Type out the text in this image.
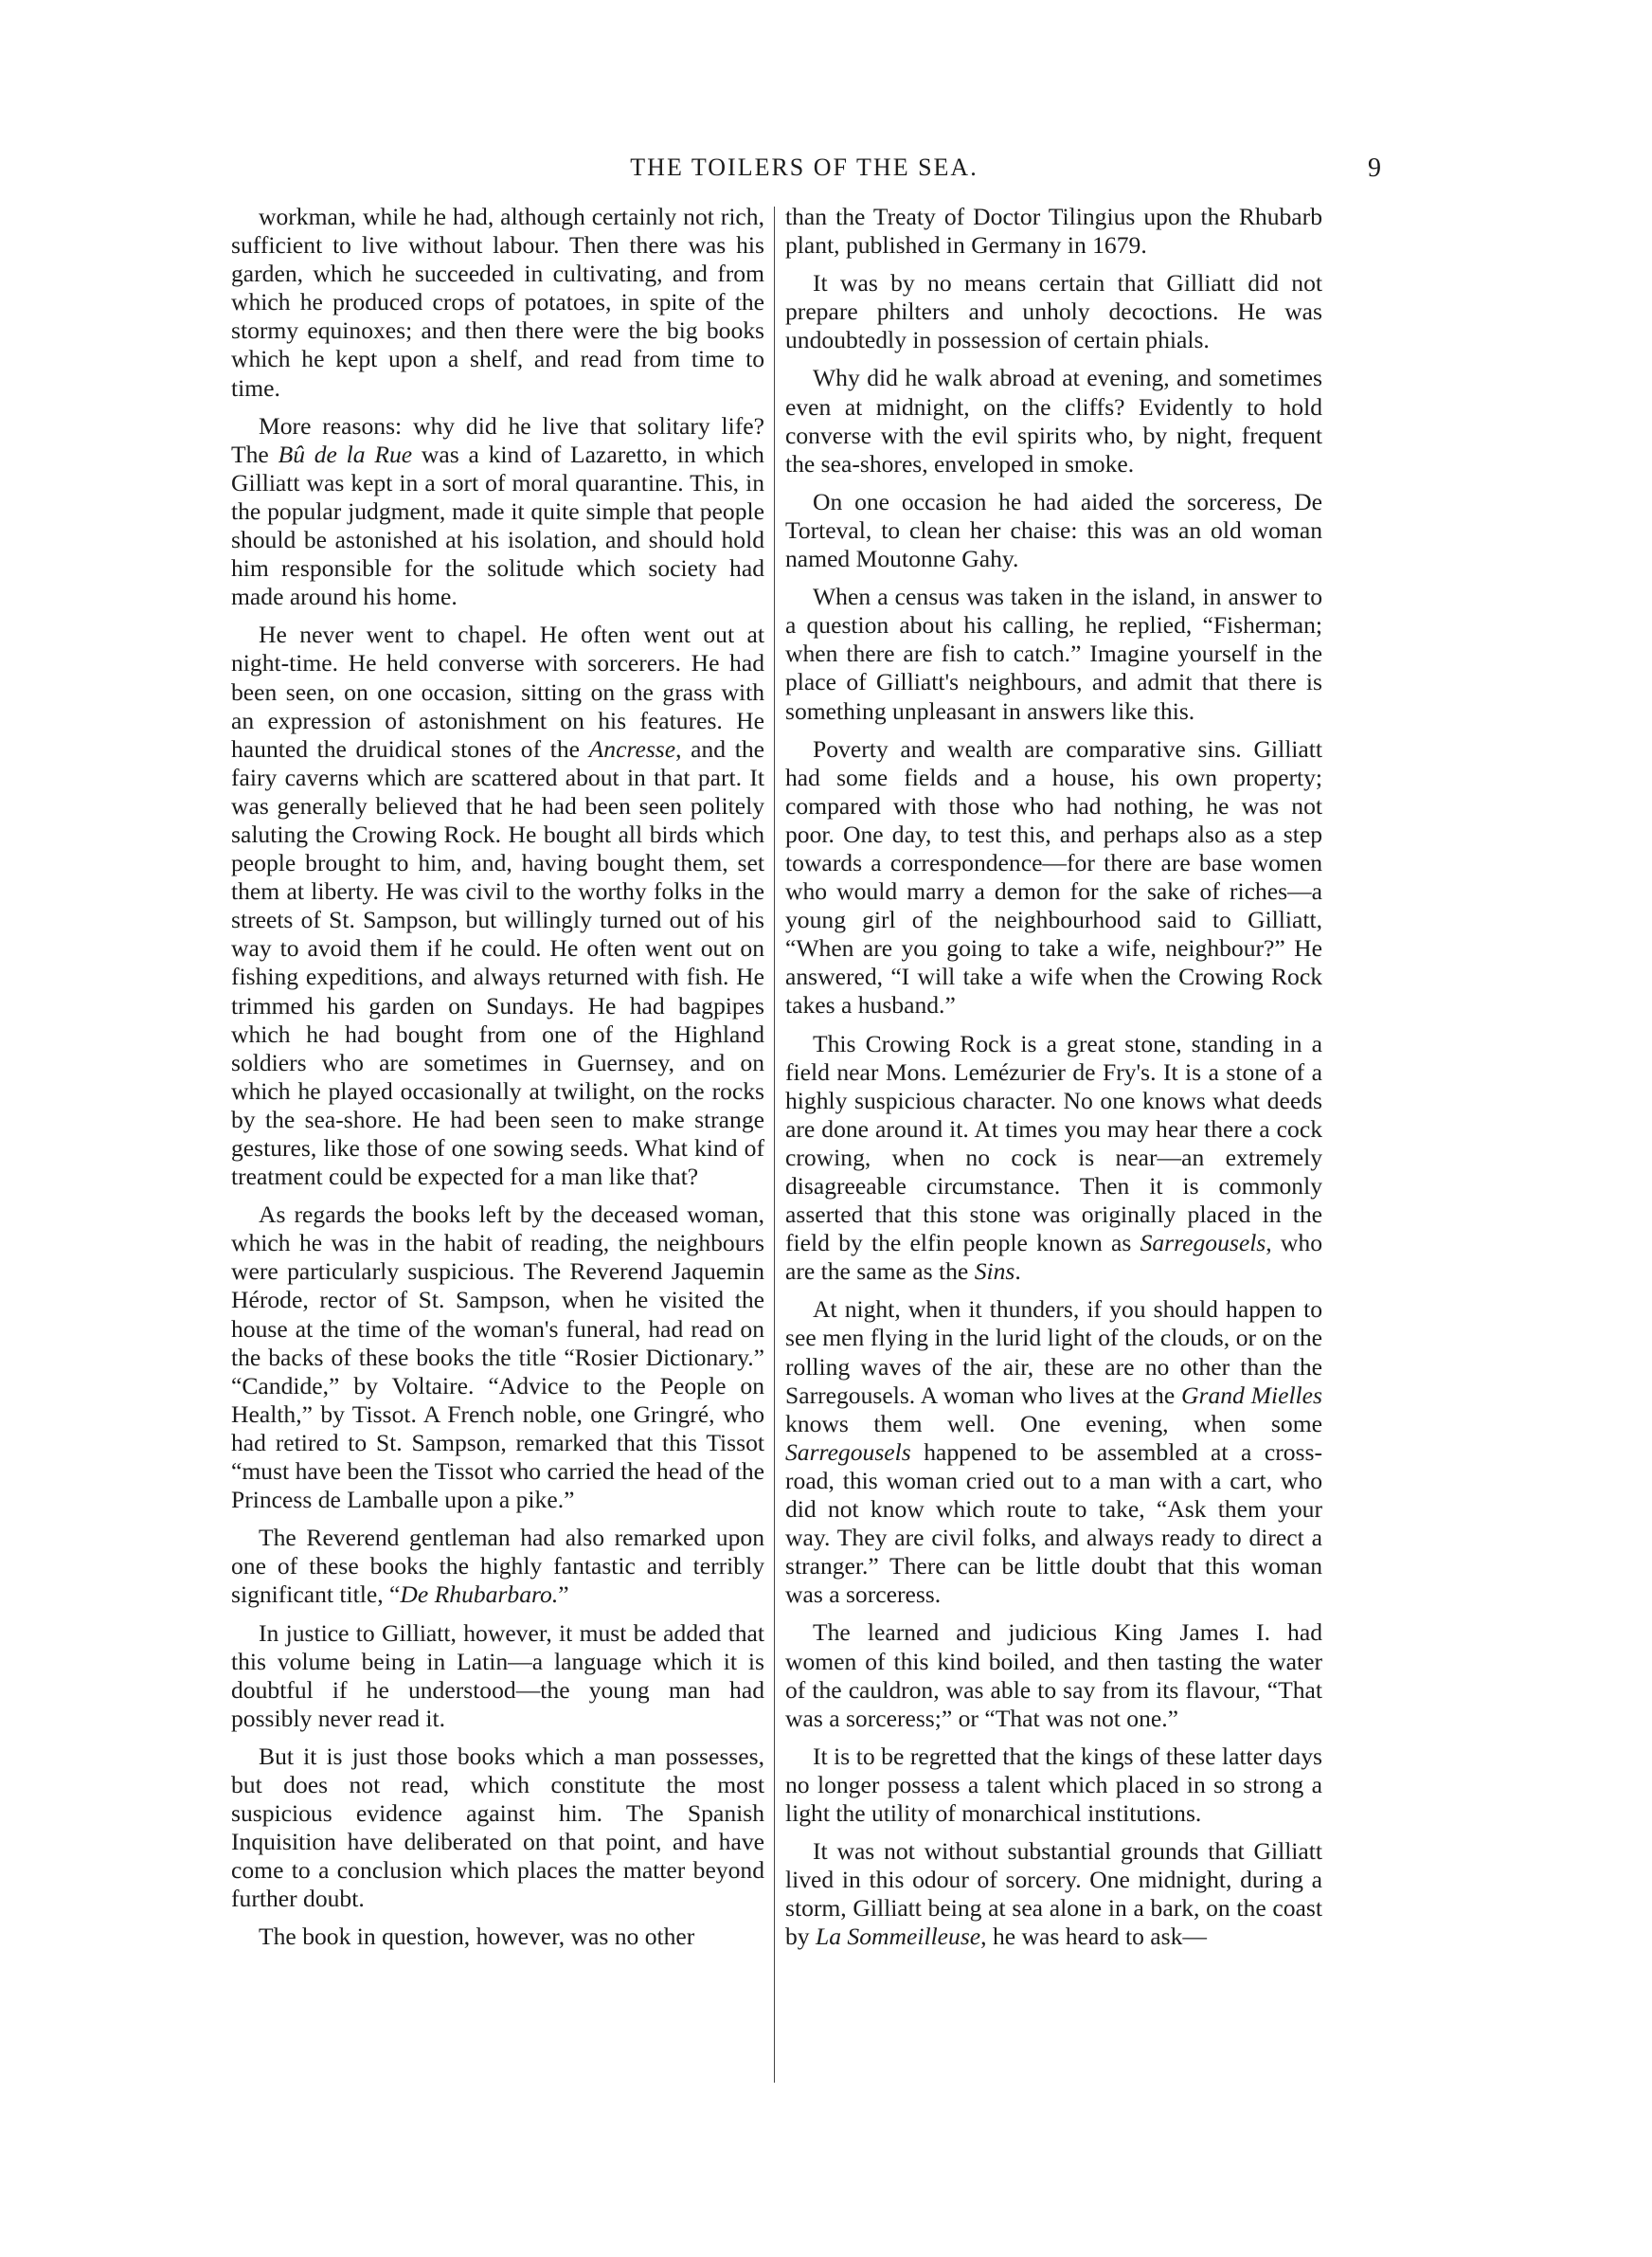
THE TOILERS OF THE SEA.	9

workman, while he had, although certainly not rich, sufficient to live without labour. Then there was his garden, which he succeeded in cultivating, and from which he produced crops of potatoes, in spite of the stormy equinoxes; and then there were the big books which he kept upon a shelf, and read from time to time.

More reasons: why did he live that solitary life? The Bû de la Rue was a kind of Lazaretto, in which Gilliatt was kept in a sort of moral quarantine. This, in the popular judgment, made it quite simple that people should be astonished at his isolation, and should hold him responsible for the solitude which society had made around his home.

He never went to chapel. He often went out at night-time. He held converse with sorcerers. He had been seen, on one occasion, sitting on the grass with an expression of astonishment on his features. He haunted the druidical stones of the Ancresse, and the fairy caverns which are scattered about in that part. It was generally believed that he had been seen politely saluting the Crowing Rock. He bought all birds which people brought to him, and, having bought them, set them at liberty. He was civil to the worthy folks in the streets of St. Sampson, but willingly turned out of his way to avoid them if he could. He often went out on fishing expeditions, and always returned with fish. He trimmed his garden on Sundays. He had bagpipes which he had bought from one of the Highland soldiers who are sometimes in Guernsey, and on which he played occasionally at twilight, on the rocks by the sea-shore. He had been seen to make strange gestures, like those of one sowing seeds. What kind of treatment could be expected for a man like that?

As regards the books left by the deceased woman, which he was in the habit of reading, the neighbours were particularly suspicious. The Reverend Jaquemin Hérode, rector of St. Sampson, when he visited the house at the time of the woman's funeral, had read on the backs of these books the title “Rosier Dictionary.” “Candide,” by Voltaire. “Advice to the People on Health,” by Tissot. A French noble, one Gringré, who had retired to St. Sampson, remarked that this Tissot “must have been the Tissot who carried the head of the Princess de Lamballe upon a pike.”

The Reverend gentleman had also remarked upon one of these books the highly fantastic and terribly significant title, “De Rhubarbaro.”

In justice to Gilliatt, however, it must be added that this volume being in Latin—a language which it is doubtful if he understood—the young man had possibly never read it.

But it is just those books which a man possesses, but does not read, which constitute the most suspicious evidence against him. The Spanish Inquisition have deliberated on that point, and have come to a conclusion which places the matter beyond further doubt.

The book in question, however, was no other

than the Treaty of Doctor Tilingius upon the Rhubarb plant, published in Germany in 1679.

It was by no means certain that Gilliatt did not prepare philters and unholy decoctions. He was undoubtedly in possession of certain phials.

Why did he walk abroad at evening, and sometimes even at midnight, on the cliffs? Evidently to hold converse with the evil spirits who, by night, frequent the sea-shores, enveloped in smoke.

On one occasion he had aided the sorceress, De Torteval, to clean her chaise: this was an old woman named Moutonne Gahy.

When a census was taken in the island, in answer to a question about his calling, he replied, “Fisherman; when there are fish to catch.” Imagine yourself in the place of Gilliatt's neighbours, and admit that there is something unpleasant in answers like this.

Poverty and wealth are comparative sins. Gilliatt had some fields and a house, his own property; compared with those who had nothing, he was not poor. One day, to test this, and perhaps also as a step towards a correspondence—for there are base women who would marry a demon for the sake of riches—a young girl of the neighbourhood said to Gilliatt, “When are you going to take a wife, neighbour?” He answered, “I will take a wife when the Crowing Rock takes a husband.”

This Crowing Rock is a great stone, standing in a field near Mons. Lemézurier de Fry's. It is a stone of a highly suspicious character. No one knows what deeds are done around it. At times you may hear there a cock crowing, when no cock is near—an extremely disagreeable circumstance. Then it is commonly asserted that this stone was originally placed in the field by the elfin people known as Sarregousels, who are the same as the Sins.

At night, when it thunders, if you should happen to see men flying in the lurid light of the clouds, or on the rolling waves of the air, these are no other than the Sarregousels. A woman who lives at the Grand Mielles knows them well. One evening, when some Sarregousels happened to be assembled at a cross-road, this woman cried out to a man with a cart, who did not know which route to take, “Ask them your way. They are civil folks, and always ready to direct a stranger.” There can be little doubt that this woman was a sorceress.

The learned and judicious King James I. had women of this kind boiled, and then tasting the water of the cauldron, was able to say from its flavour, “That was a sorceress;” or “That was not one.”

It is to be regretted that the kings of these latter days no longer possess a talent which placed in so strong a light the utility of monarchical institutions.

It was not without substantial grounds that Gilliatt lived in this odour of sorcery. One midnight, during a storm, Gilliatt being at sea alone in a bark, on the coast by La Sommeilleuse, he was heard to ask—
